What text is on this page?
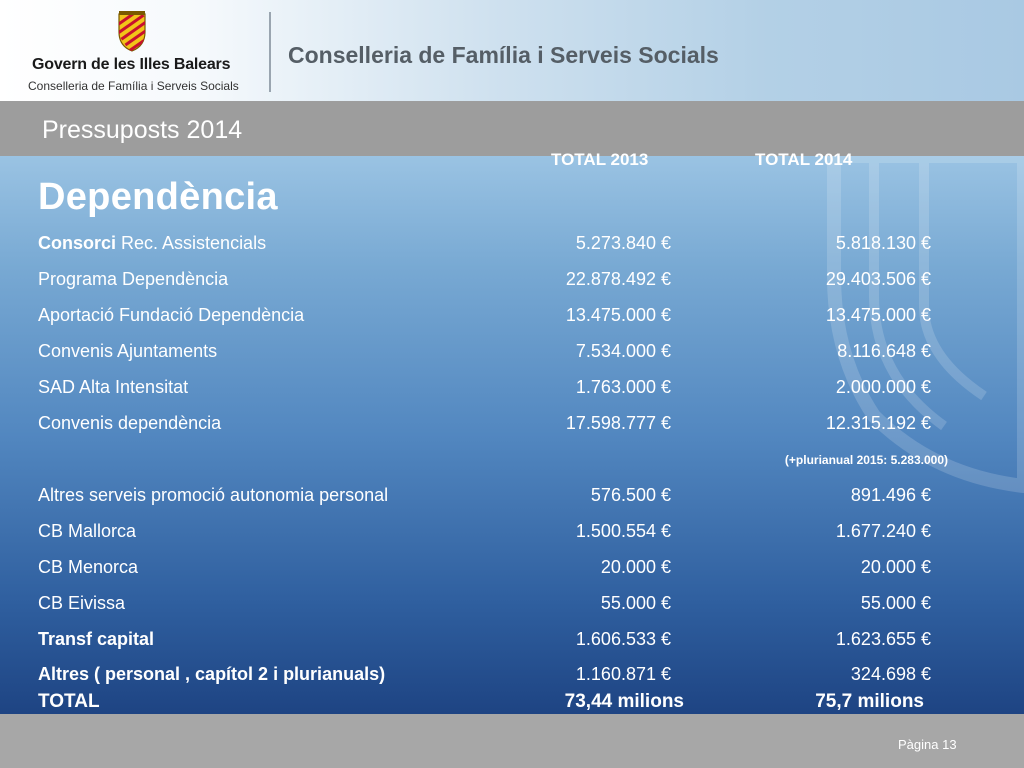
Govern de les Illes Balears
Conselleria de Família i Serveis Socials
Conselleria de Família i Serveis Socials
Pressuposts 2014
TOTAL 2013	TOTAL 2014
Dependència
Consorci Rec. Assistencials	5.273.840 €	5.818.130 €
Programa Dependència	22.878.492 €	29.403.506 €
Aportació Fundació Dependència	13.475.000 €	13.475.000 €
Convenis Ajuntaments	7.534.000 €	8.116.648 €
SAD Alta Intensitat	1.763.000 €	2.000.000 €
Convenis dependència	17.598.777 €	12.315.192 €
(+plurianual 2015: 5.283.000)
Altres serveis promoció autonomia personal	576.500 €	891.496 €
CB Mallorca	1.500.554 €	1.677.240 €
CB Menorca	20.000 €	20.000 €
CB Eivissa	55.000 €	55.000 €
Transf capital	1.606.533 €	1.623.655 €
Altres ( personal , capítol 2 i plurianuals)	1.160.871 €	324.698 €
TOTAL	73,44 milions	75,7 milions
Pàgina 13
